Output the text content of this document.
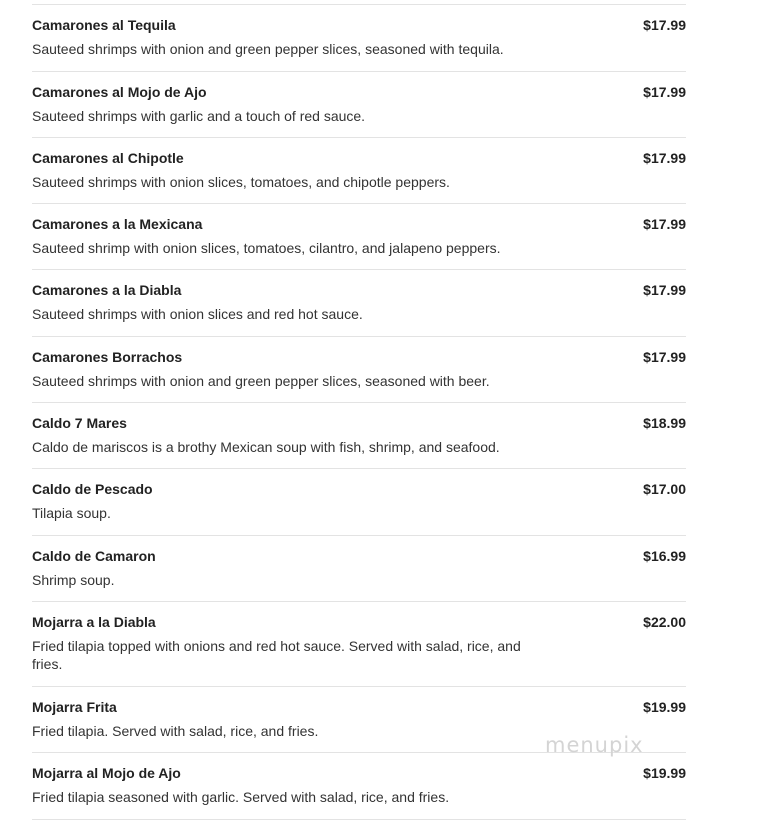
Camarones al Tequila
Sauteed shrimps with onion and green pepper slices, seasoned with tequila.
$17.99
Camarones al Mojo de Ajo
Sauteed shrimps with garlic and a touch of red sauce.
$17.99
Camarones al Chipotle
Sauteed shrimps with onion slices, tomatoes, and chipotle peppers.
$17.99
Camarones a la Mexicana
Sauteed shrimp with onion slices, tomatoes, cilantro, and jalapeno peppers.
$17.99
Camarones a la Diabla
Sauteed shrimps with onion slices and red hot sauce.
$17.99
Camarones Borrachos
Sauteed shrimps with onion and green pepper slices, seasoned with beer.
$17.99
Caldo 7 Mares
Caldo de mariscos is a brothy Mexican soup with fish, shrimp, and seafood.
$18.99
Caldo de Pescado
Tilapia soup.
$17.00
Caldo de Camaron
Shrimp soup.
$16.99
Mojarra a la Diabla
Fried tilapia topped with onions and red hot sauce. Served with salad, rice, and fries.
$22.00
Mojarra Frita
Fried tilapia. Served with salad, rice, and fries.
$19.99
Mojarra al Mojo de Ajo
Fried tilapia seasoned with garlic. Served with salad, rice, and fries.
$19.99
menupix
